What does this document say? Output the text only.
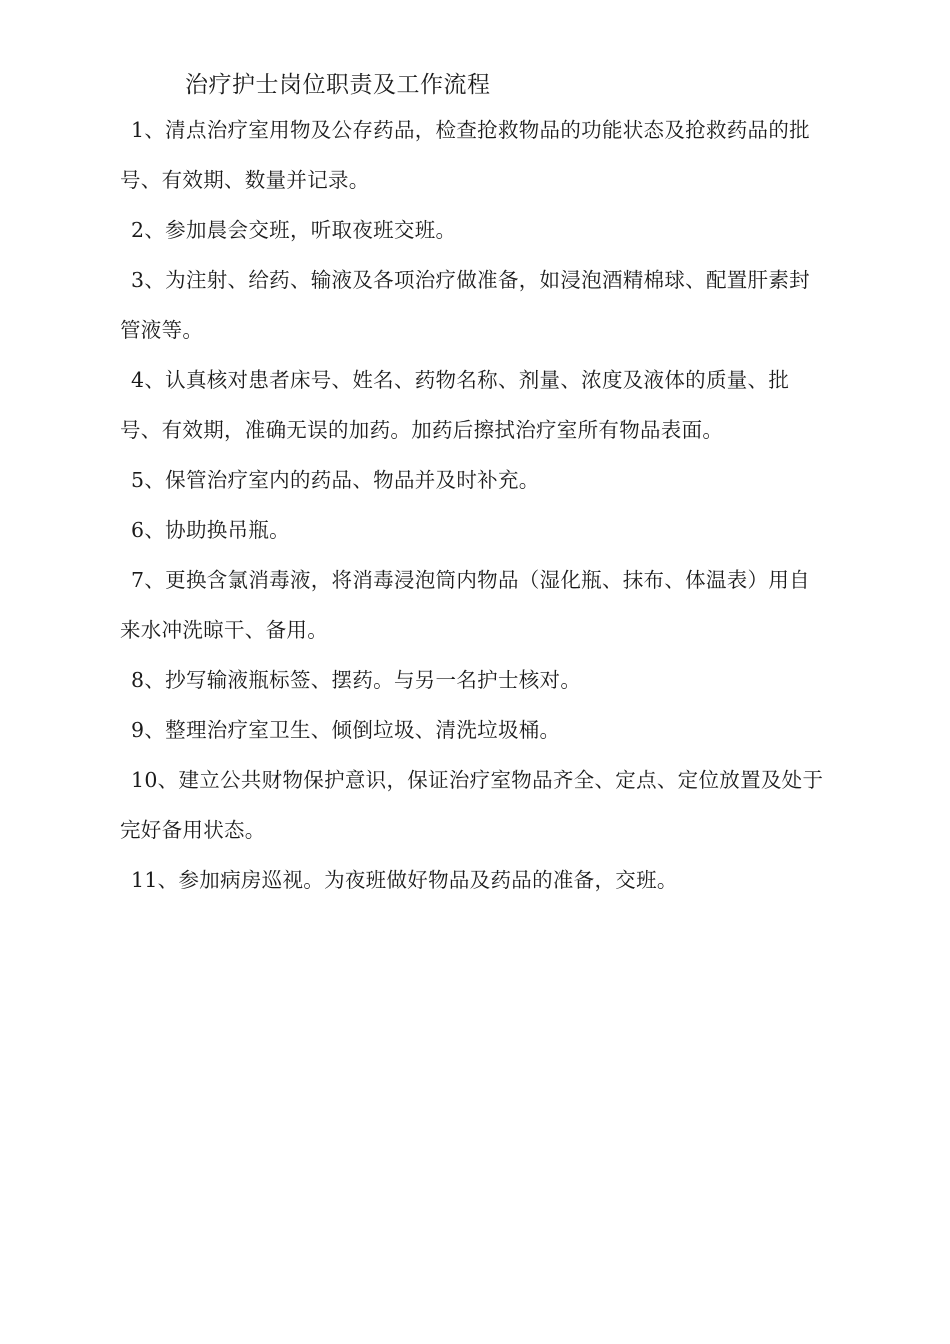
治疗护士岗位职责及工作流程

1、清点治疗室用物及公存药品，检查抢救物品的功能状态及抢救药品的批号、有效期、数量并记录。

2、参加晨会交班，听取夜班交班。

3、为注射、给药、输液及各项治疗做准备，如浸泡酒精棉球、配置肝素封管液等。

4、认真核对患者床号、姓名、药物名称、剂量、浓度及液体的质量、批号、有效期，准确无误的加药。加药后擦拭治疗室所有物品表面。

5、保管治疗室内的药品、物品并及时补充。

6、协助换吊瓶。

7、更换含氯消毒液，将消毒浸泡筒内物品（湿化瓶、抹布、体温表）用自来水冲洗晾干、备用。

8、抄写输液瓶标签、摆药。与另一名护士核对。

9、整理治疗室卫生、倾倒垃圾、清洗垃圾桶。

10、建立公共财物保护意识，保证治疗室物品齐全、定点、定位放置及处于完好备用状态。

11、参加病房巡视。为夜班做好物品及药品的准备，交班。
